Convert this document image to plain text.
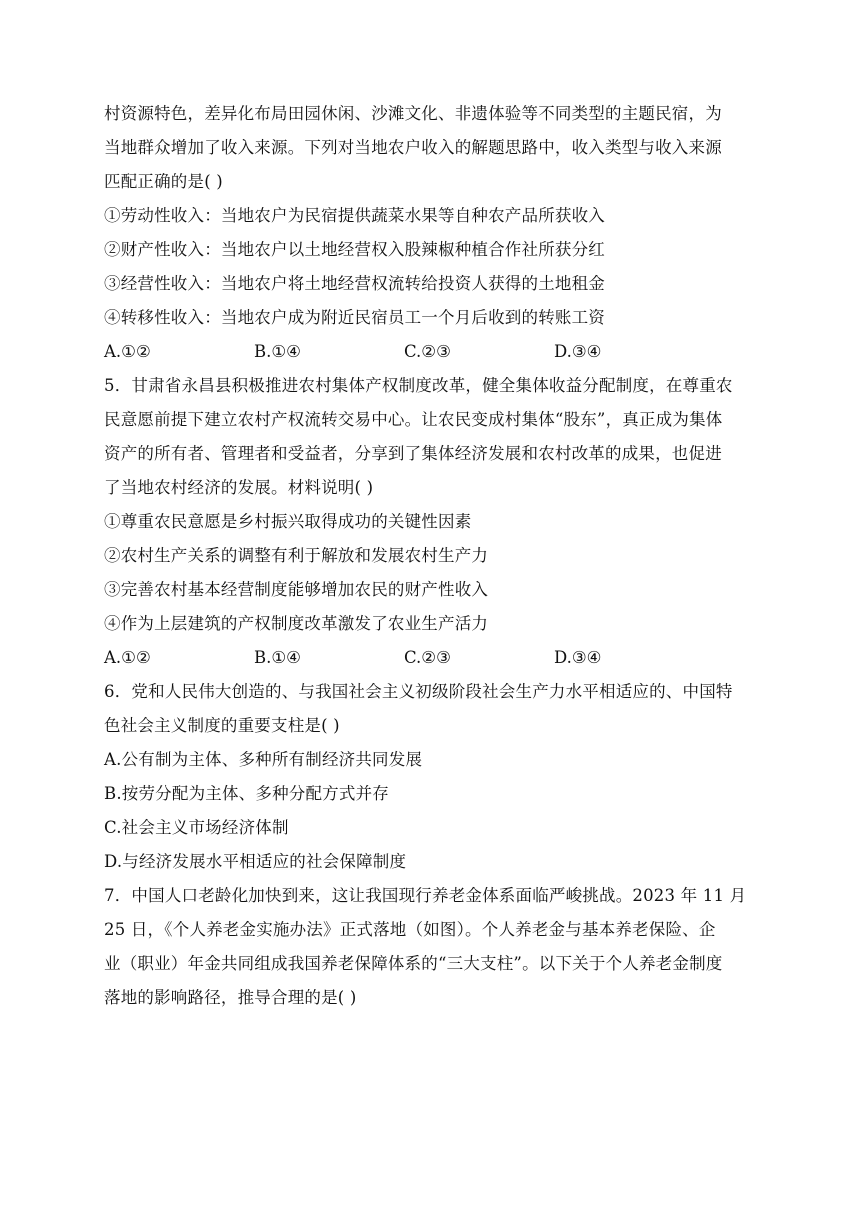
村资源特色，差异化布局田园休闲、沙滩文化、非遗体验等不同类型的主题民宿，为
当地群众增加了收入来源。下列对当地农户收入的解题思路中，收入类型与收入来源
匹配正确的是( )
①劳动性收入：当地农户为民宿提供蔬菜水果等自种农产品所获收入
②财产性收入：当地农户以土地经营权入股辣椒种植合作社所获分红
③经营性收入：当地农户将土地经营权流转给投资人获得的土地租金
④转移性收入：当地农户成为附近民宿员工一个月后收到的转账工资
A.①②	B.①④	C.②③	D.③④
5．甘肃省永昌县积极推进农村集体产权制度改革，健全集体收益分配制度，在尊重农
民意愿前提下建立农村产权流转交易中心。让农民变成村集体“股东”，真正成为集体
资产的所有者、管理者和受益者，分享到了集体经济发展和农村改革的成果，也促进
了当地农村经济的发展。材料说明( )
①尊重农民意愿是乡村振兴取得成功的关键性因素
②农村生产关系的调整有利于解放和发展农村生产力
③完善农村基本经营制度能够增加农民的财产性收入
④作为上层建筑的产权制度改革激发了农业生产活力
A.①②	B.①④	C.②③	D.③④
6．党和人民伟大创造的、与我国社会主义初级阶段社会生产力水平相适应的、中国特
色社会主义制度的重要支柱是( )
A.公有制为主体、多种所有制经济共同发展
B.按劳分配为主体、多种分配方式并存
C.社会主义市场经济体制
D.与经济发展水平相适应的社会保障制度
7．中国人口老龄化加快到来，这让我国现行养老金体系面临严峻挑战。2023 年 11 月
25 日，《个人养老金实施办法》正式落地（如图）。个人养老金与基本养老保险、企
业（职业）年金共同组成我国养老保障体系的“三大支柱”。以下关于个人养老金制度
落地的影响路径，推导合理的是( )
